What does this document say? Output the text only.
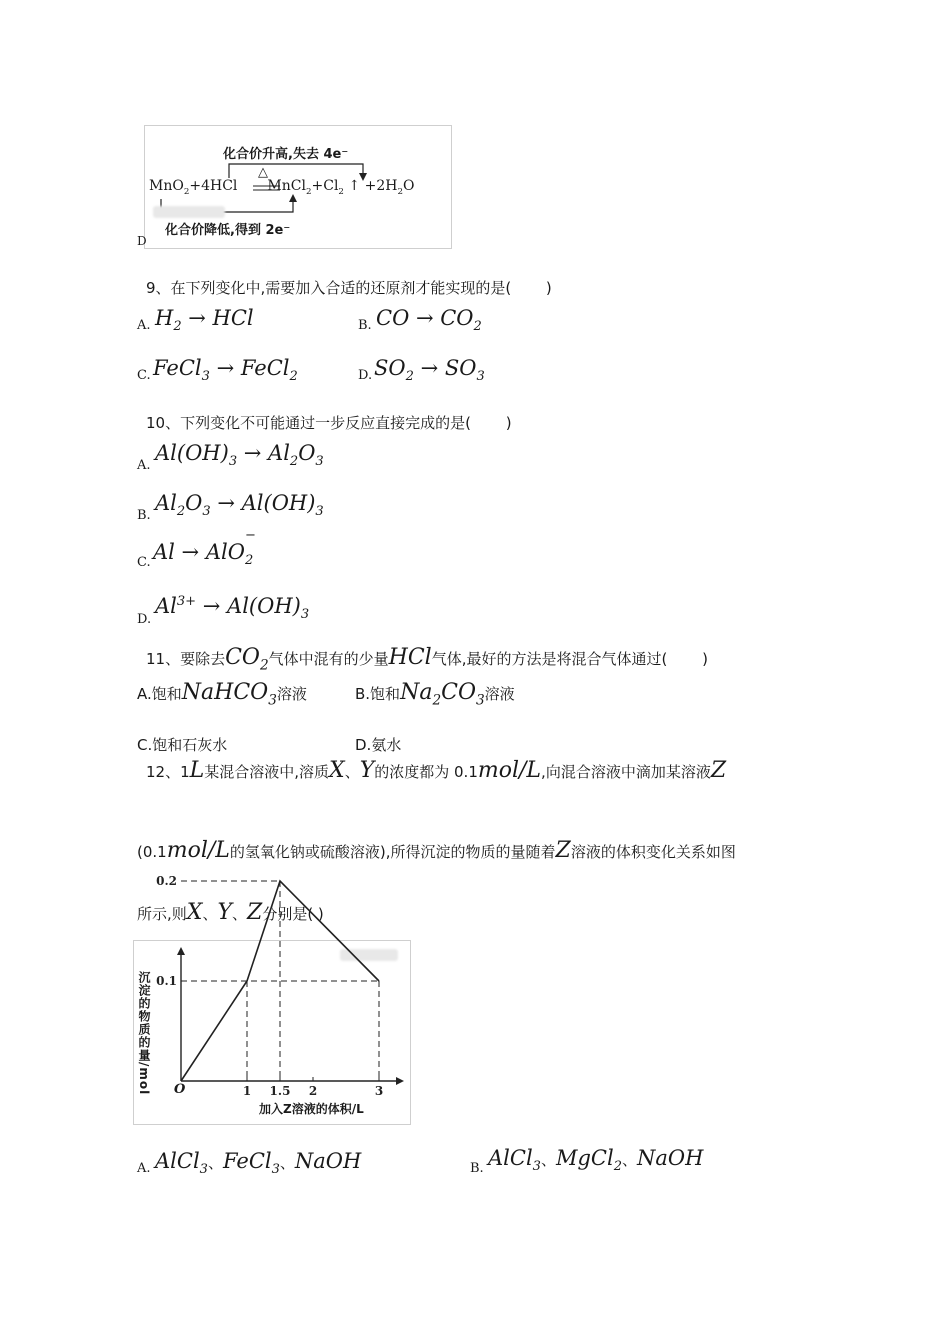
化合价升高,失去 4e⁻
△
MnO$_2$+4HCl $MnCl_2+Cl_2$ ↑ $+2H_2O$
化合价降低,得到 2e⁻
D
9、在下列变化中,需要加入合适的还原剂才能实现的是(　　 )
A. $H_2$ → HCl	B. CO → $CO_2$
C. FeCl$_3$ → FeCl$_2$	D. $SO_2 \to SO_3$
10、下列变化不可能通过一步反应直接完成的是(　　 )
A.
$Al(OH)_3 \to Al_2O_3$
B.
$Al_2O_3 \to Al(OH)_3$
C. Al → AlO$_2$
−
D.
$Al^{3+} \to Al(OH)_3$
11、要除去$CO_2$气体中混有的少量HCl气体,最好的方法是将混合气体通过(　　 )
A.饱和NaHCO$_3$溶液	B.饱和$Na_2CO_3$溶液
C.饱和石灰水	D.氨水
12、1L某混合溶液中,溶质X、Y的浓度都为 0.1mol/L,向混合溶液中滴加某溶液Z
(0.1mol/L的氢氧化钠或硫酸溶液),所得沉淀的物质的量随着Z溶液的体积变化关系如图
所示,则X、Y、Z分别是( )
1 1.5 2	3
0.1
0.2
沉淀的物质的量/mol
加入Z溶液的体积/L
O
A. AlCl$_3$、FeCl$_3$、NaOH	B. AlCl$_3$、MgCl$_2$、NaOH
